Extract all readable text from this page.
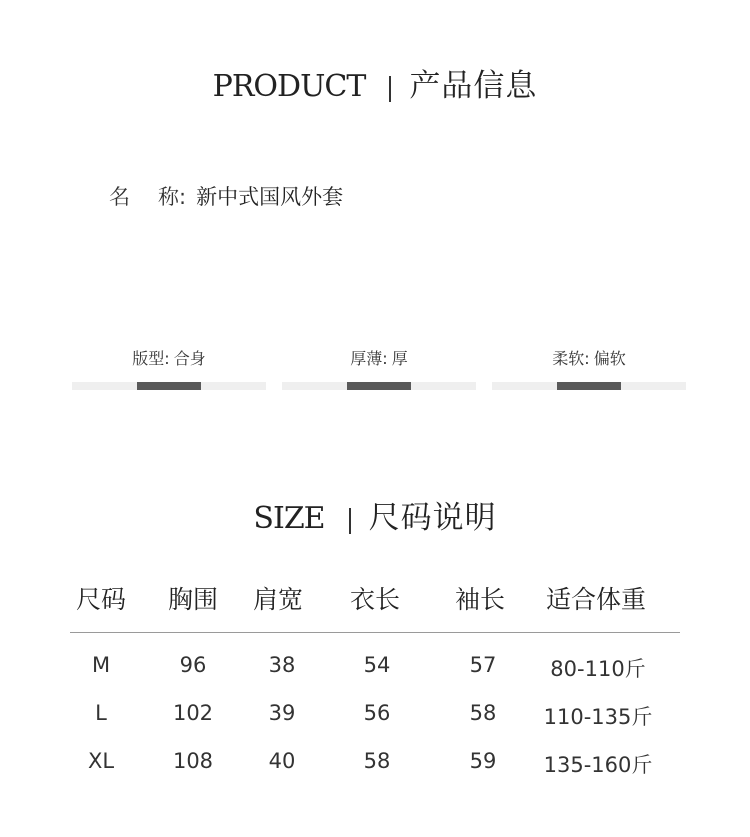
PRODUCT 产品信息
名 称: 新中式国风外套
版型: 合身	厚薄: 厚	柔软: 偏软
SIZE 尺码说明
尺码 胸围 肩宽 衣长 袖长 适合体重
M	96	38	54	57	80-110斤
L	102	39	56	58 110-135斤
XL	108	40	58	59 135-160斤
